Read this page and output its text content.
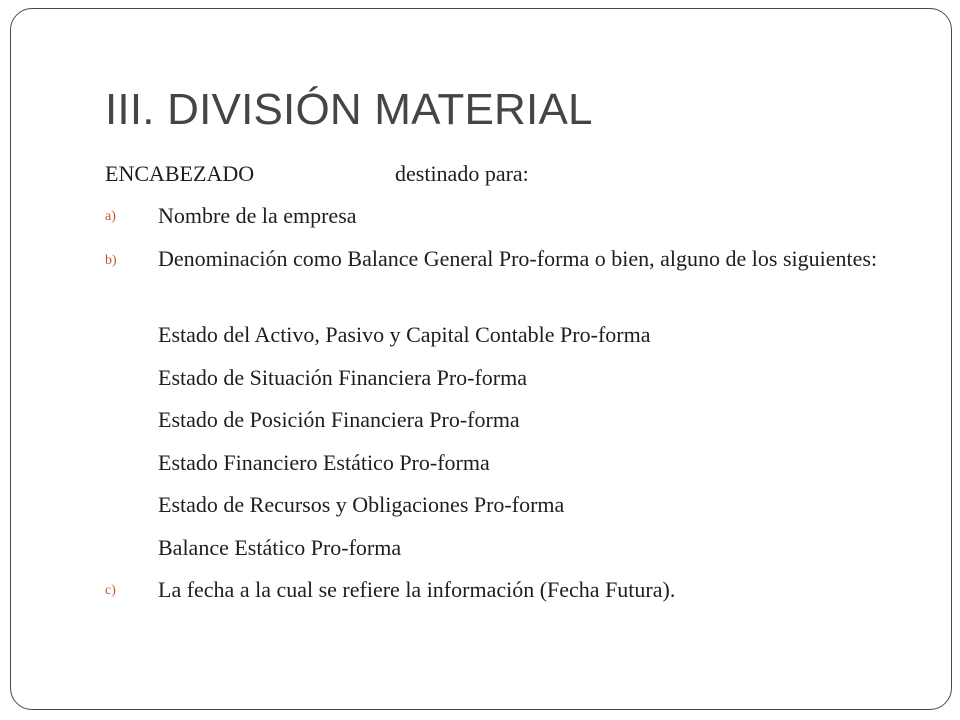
III. DIVISIÓN MATERIAL
ENCABEZADO	destinado para:
a) Nombre de la empresa
b) Denominación como Balance General Pro-forma o bien, alguno de los siguientes:
Estado del Activo, Pasivo y Capital Contable Pro-forma
Estado de Situación Financiera Pro-forma
Estado de Posición Financiera Pro-forma
Estado Financiero Estático Pro-forma
Estado de Recursos y Obligaciones Pro-forma
Balance Estático Pro-forma
c) La fecha a la cual se refiere la información (Fecha Futura).
